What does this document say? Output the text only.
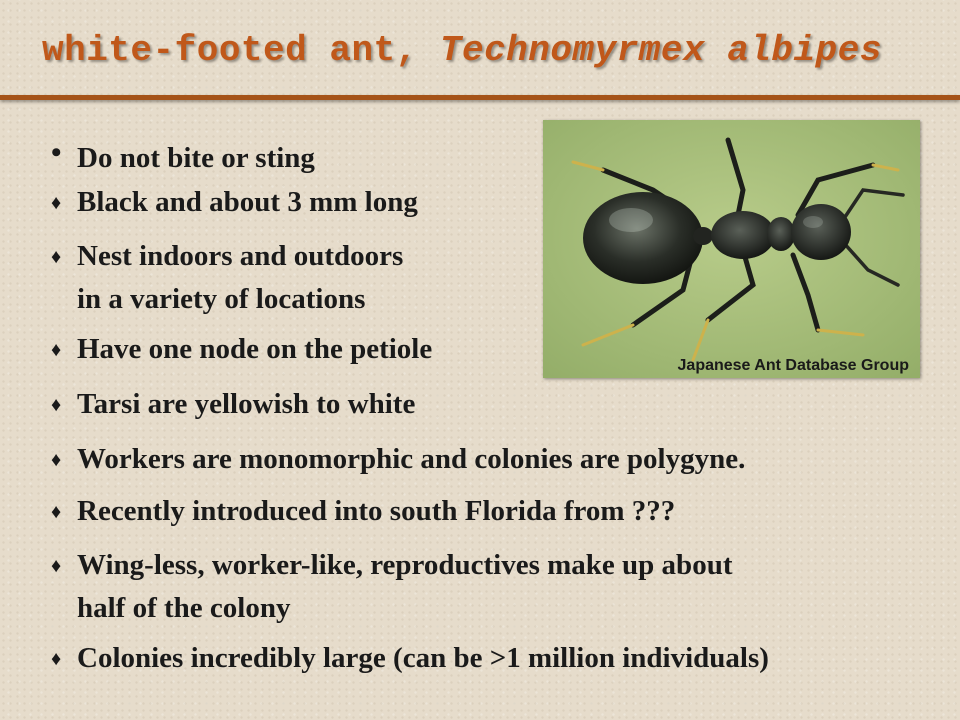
white-footed ant, Technomyrmex albipes
Japanese Ant Database Group
• Do not bite or sting
♦ Black and about 3 mm long
♦ Nest indoors and outdoors
in a variety of locations
♦ Have one node on the petiole
♦ Tarsi are yellowish to white
♦ Workers are monomorphic and colonies are polygyne.
♦ Recently introduced into south Florida from ???
♦ Wing-less, worker-like, reproductives make up about
half of the colony
♦ Colonies incredibly large (can be >1 million individuals)
